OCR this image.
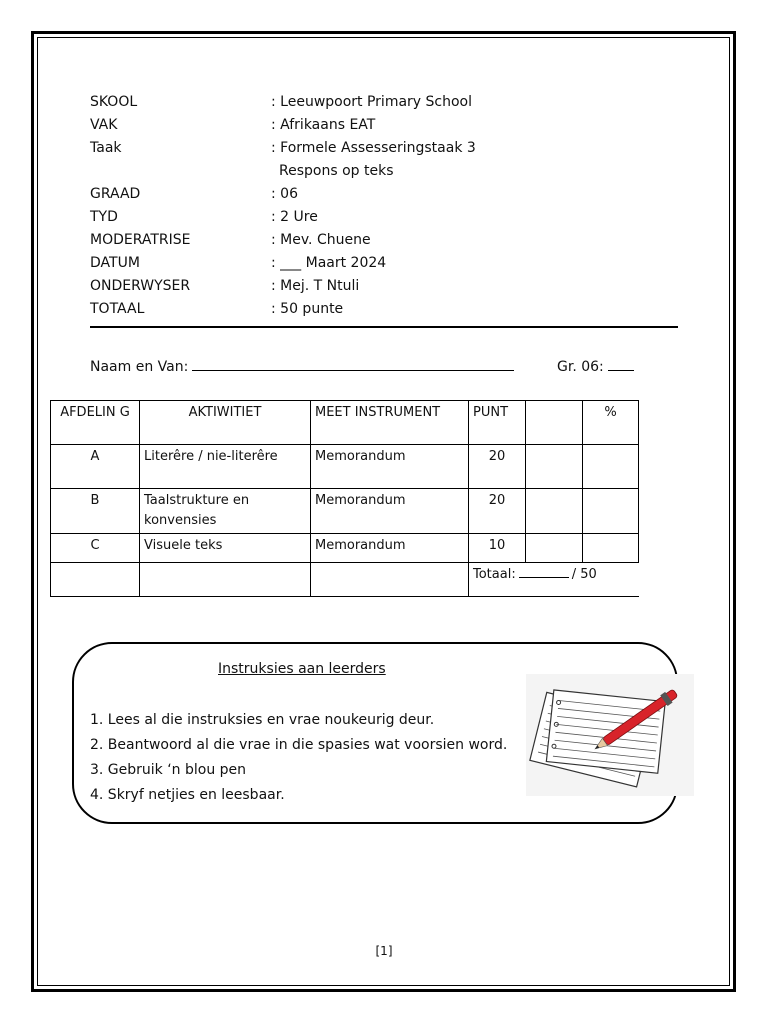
SKOOL	: Leeuwpoort Primary School
VAK	: Afrikaans EAT
Taak	: Formele Assesseringstaak 3
Respons op teks
GRAAD	: 06
TYD	: 2 Ure
MODERATRISE	: Mev. Chuene
DATUM	: ___ Maart 2024
ONDERWYSER	: Mej. T Ntuli
TOTAAL	: 50 punte
Naam en Van:	Gr. 06:
AFDELIN G	AKTIWITIET	MEET INSTRUMENT	PUNT		%
A	Literêre / nie-literêre	Memorandum	20		
B	Taalstrukture en konvensies	Memorandum	20		
C	Visuele teks	Memorandum	10		
			Totaal: / 50		
Instruksies aan leerders
1. Lees al die instruksies en vrae noukeurig deur.
2. Beantwoord al die vrae in die spasies wat voorsien word.
3. Gebruik ‘n blou pen
4. Skryf netjies en leesbaar.
[1]
